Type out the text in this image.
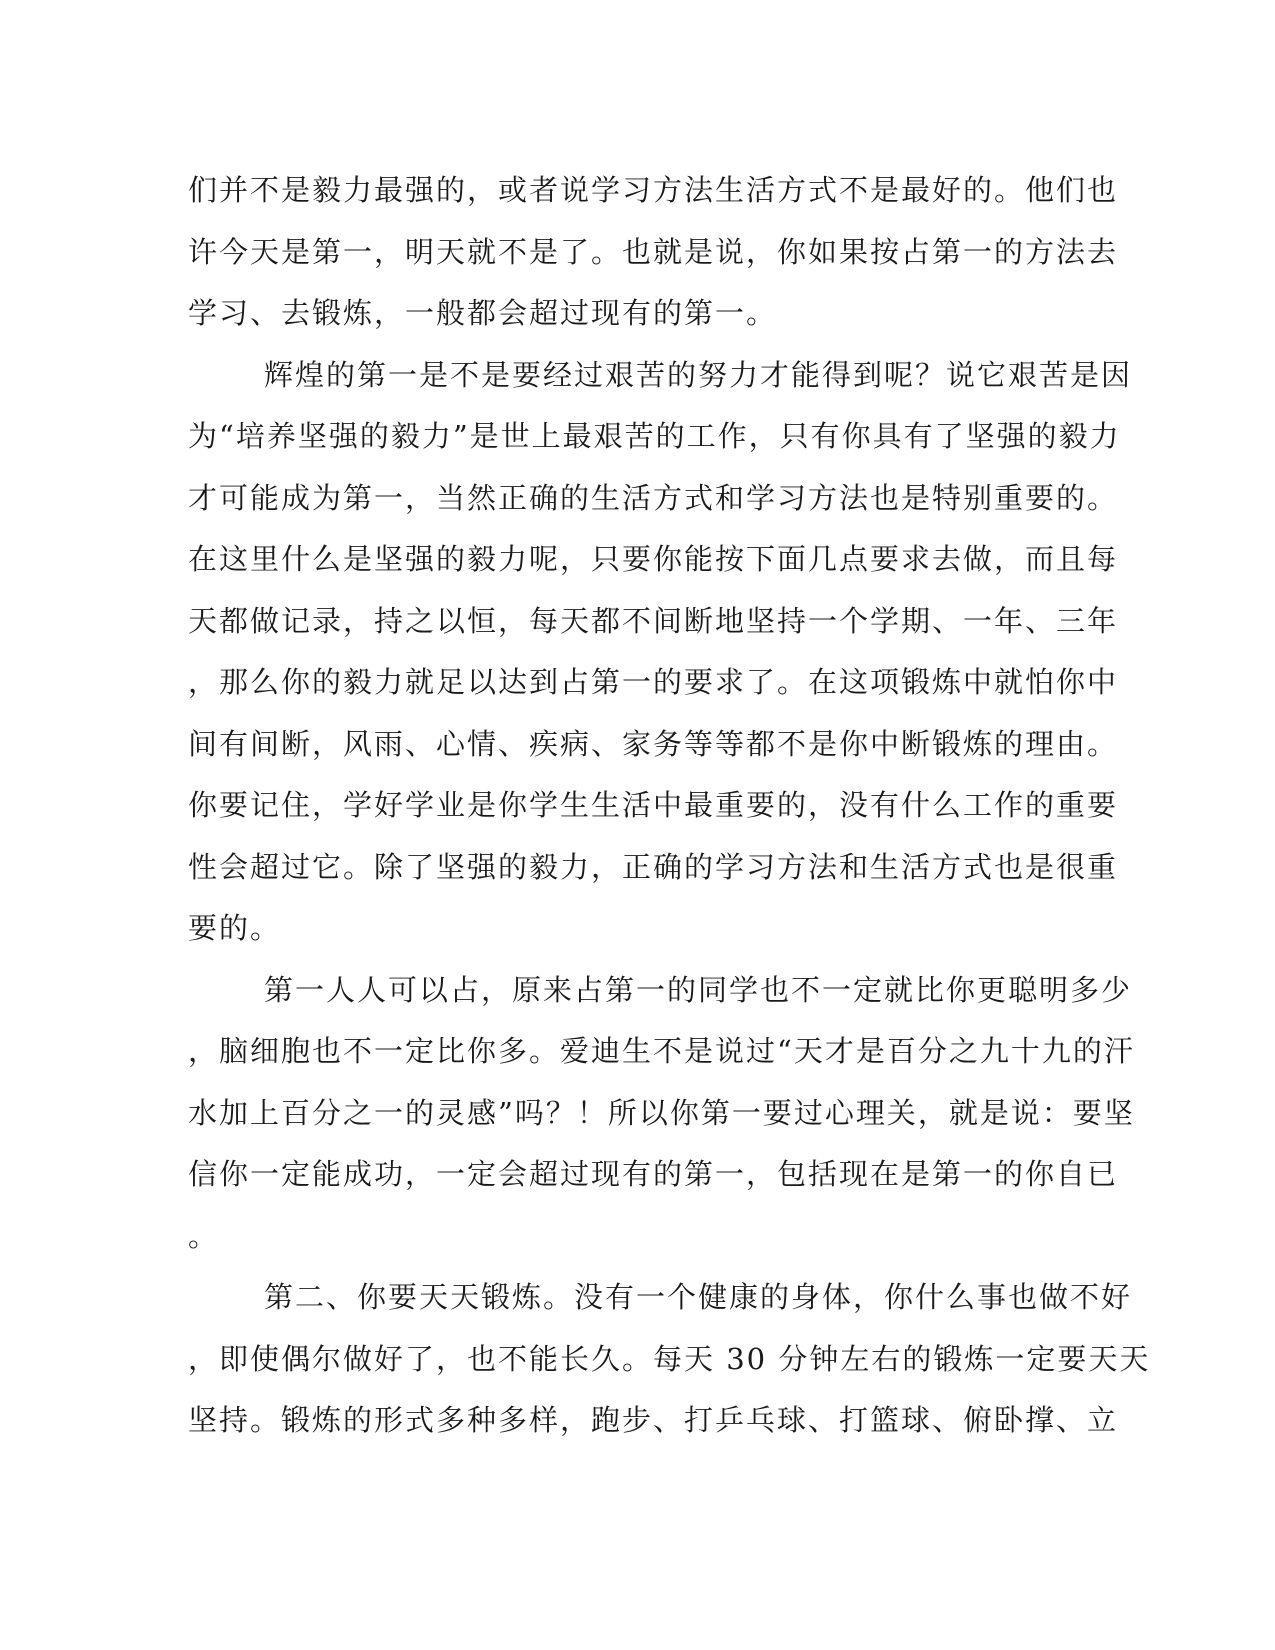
们并不是毅力最强的，或者说学习方法生活方式不是最好的。他们也
许今天是第一，明天就不是了。也就是说，你如果按占第一的方法去
学习、去锻炼，一般都会超过现有的第一。
辉煌的第一是不是要经过艰苦的努力才能得到呢？说它艰苦是因
为“培养坚强的毅力”是世上最艰苦的工作，只有你具有了坚强的毅力
才可能成为第一，当然正确的生活方式和学习方法也是特别重要的。
在这里什么是坚强的毅力呢，只要你能按下面几点要求去做，而且每
天都做记录，持之以恒，每天都不间断地坚持一个学期、一年、三年
，那么你的毅力就足以达到占第一的要求了。在这项锻炼中就怕你中
间有间断，风雨、心情、疾病、家务等等都不是你中断锻炼的理由。
你要记住，学好学业是你学生生活中最重要的，没有什么工作的重要
性会超过它。除了坚强的毅力，正确的学习方法和生活方式也是很重
要的。
第一人人可以占，原来占第一的同学也不一定就比你更聪明多少
，脑细胞也不一定比你多。爱迪生不是说过“天才是百分之九十九的汗
水加上百分之一的灵感”吗？！所以你第一要过心理关，就是说：要坚
信你一定能成功，一定会超过现有的第一，包括现在是第一的你自已
。
第二、你要天天锻炼。没有一个健康的身体，你什么事也做不好
，即使偶尔做好了，也不能长久。每天 30 分钟左右的锻炼一定要天天
坚持。锻炼的形式多种多样，跑步、打乒乓球、打篮球、俯卧撑、立
